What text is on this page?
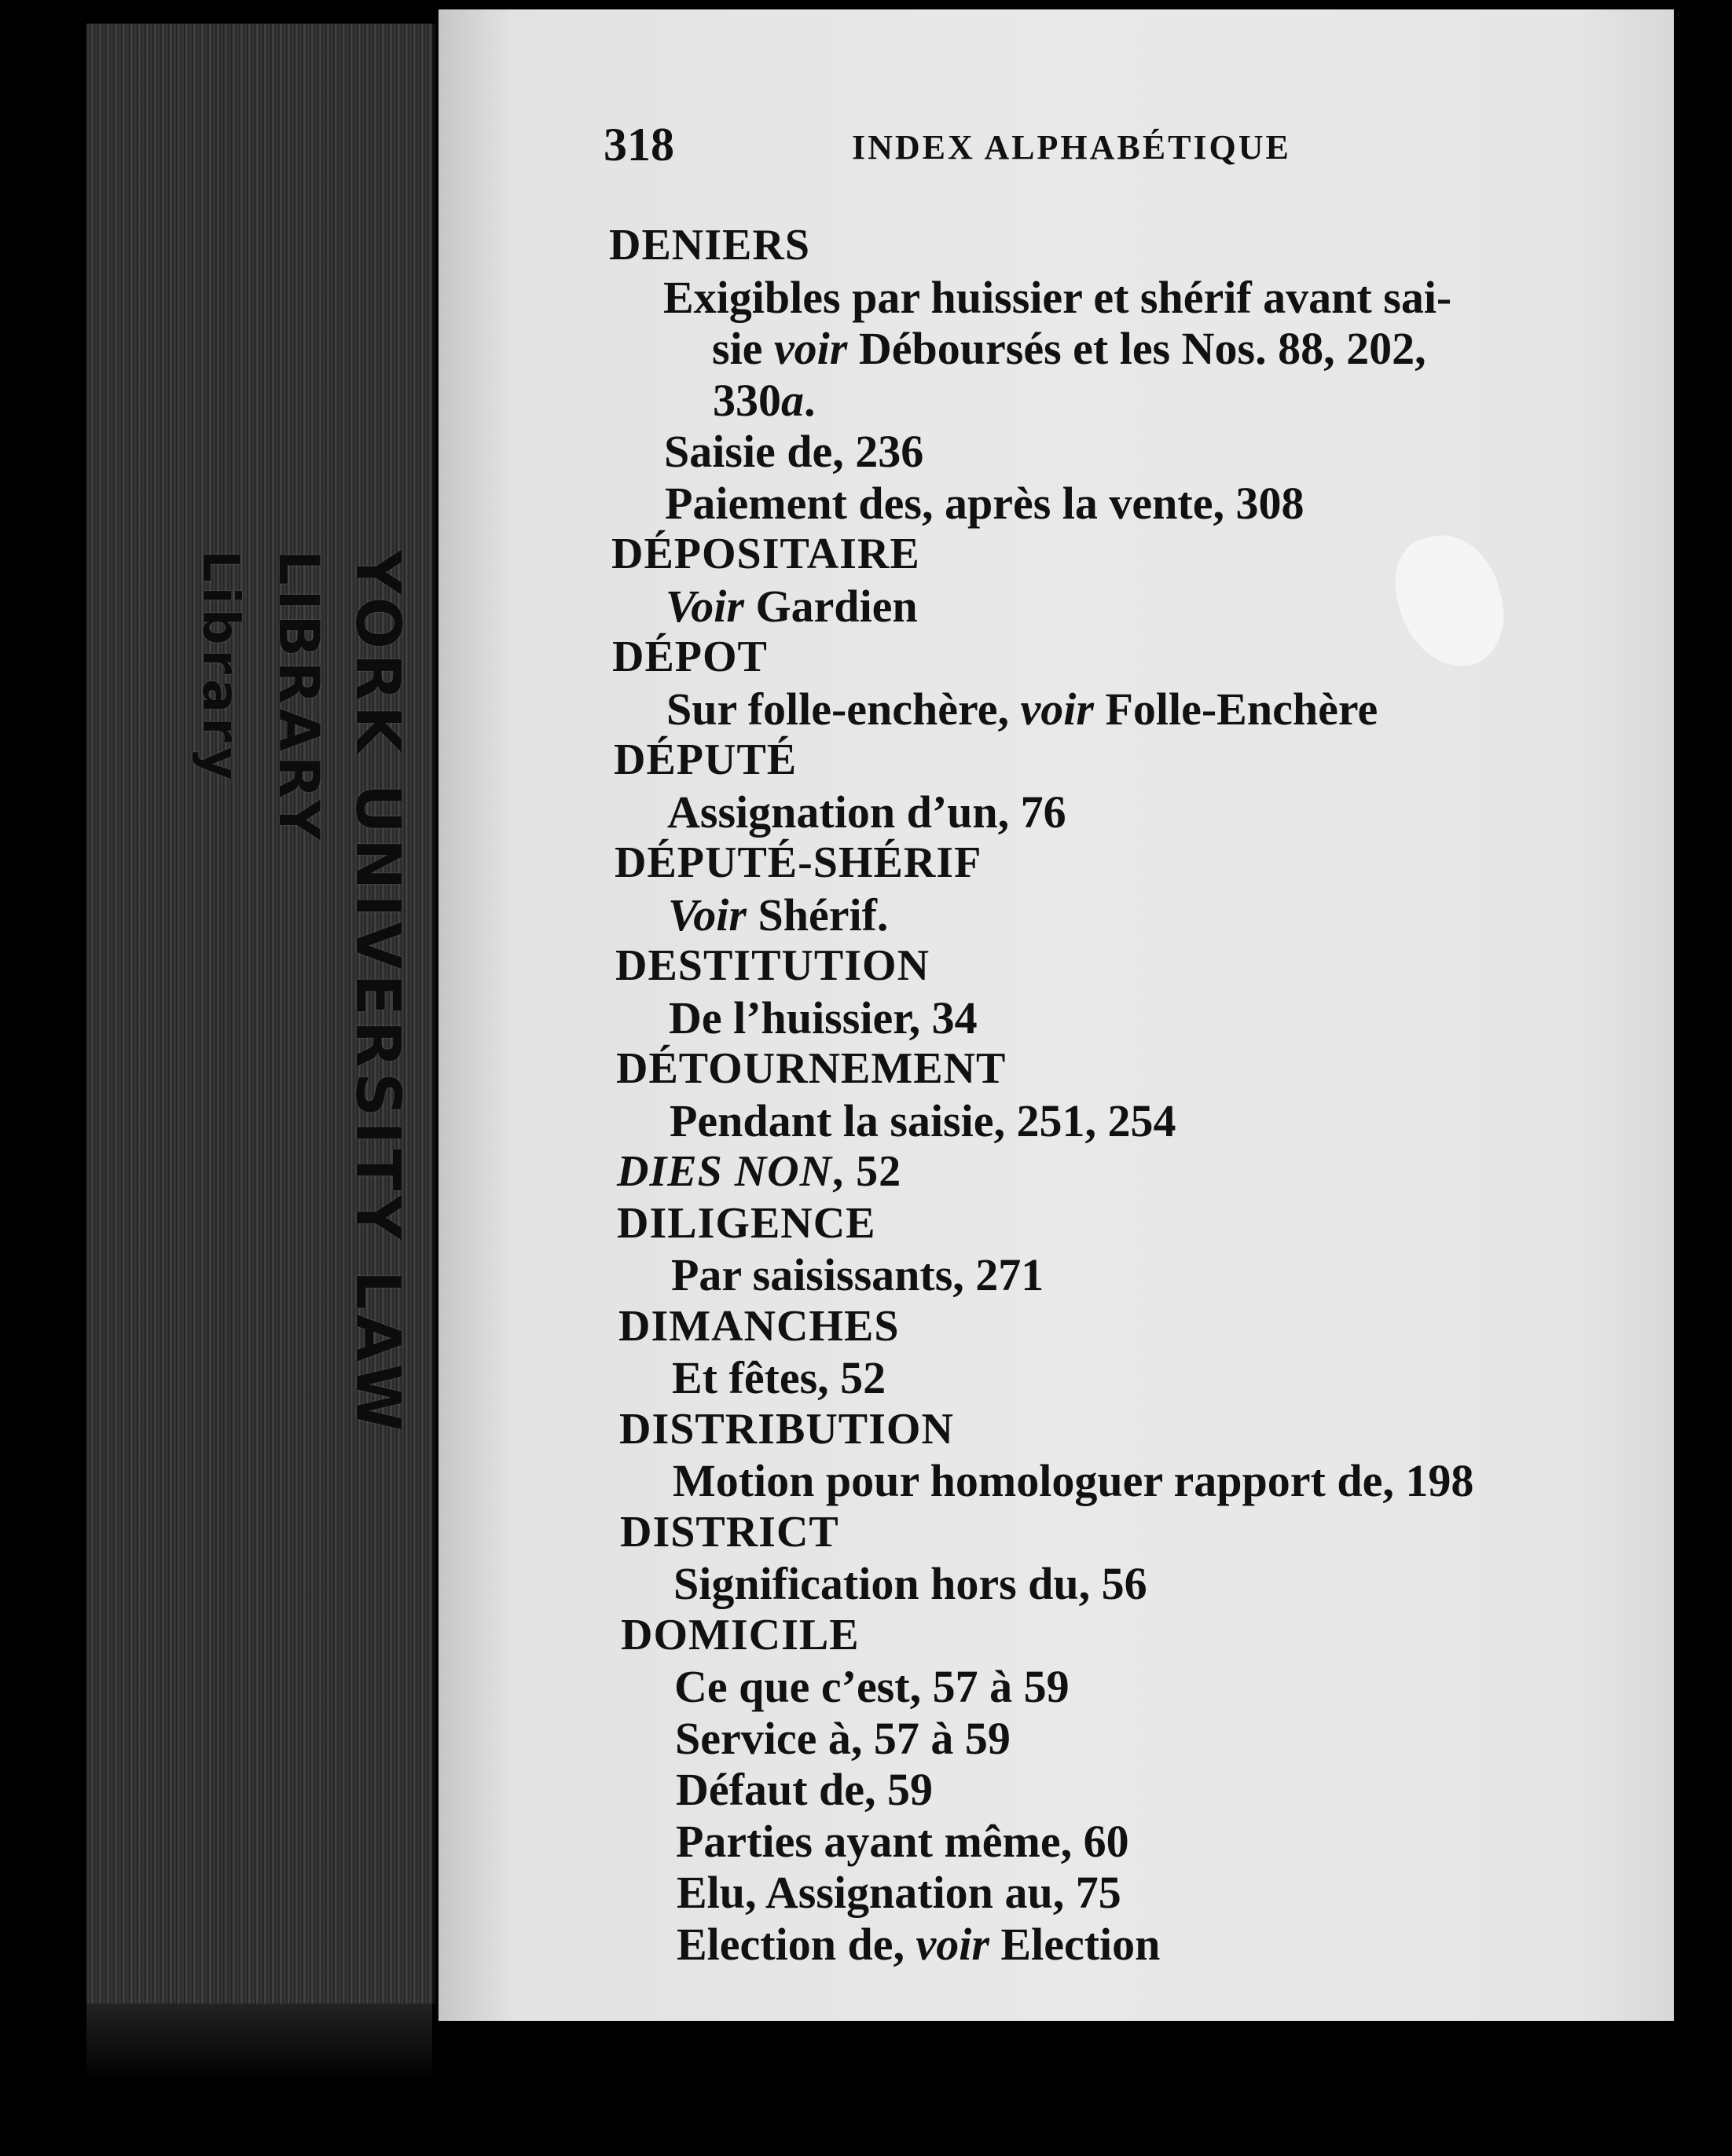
YORK UNIVERSITY LAW
LIBRARY
Library
318	INDEX ALPHABÉTIQUE
DENIERS
Exigibles par huissier et shérif avant sai-
sie voir Déboursés et les Nos. 88, 202,
330a.
Saisie de, 236
Paiement des, après la vente, 308
DÉPOSITAIRE
Voir Gardien
DÉPOT
Sur folle-enchère, voir Folle-Enchère
DÉPUTÉ
Assignation d’un, 76
DÉPUTÉ-SHÉRIF
Voir Shérif.
DESTITUTION
De l’huissier, 34
DÉTOURNEMENT
Pendant la saisie, 251, 254
DIES NON, 52
DILIGENCE
Par saisissants, 271
DIMANCHES
Et fêtes, 52
DISTRIBUTION
Motion pour homologuer rapport de, 198
DISTRICT
Signification hors du, 56
DOMICILE
Ce que c’est, 57 à 59
Service à, 57 à 59
Défaut de, 59
Parties ayant même, 60
Elu, Assignation au, 75
Election de, voir Election
